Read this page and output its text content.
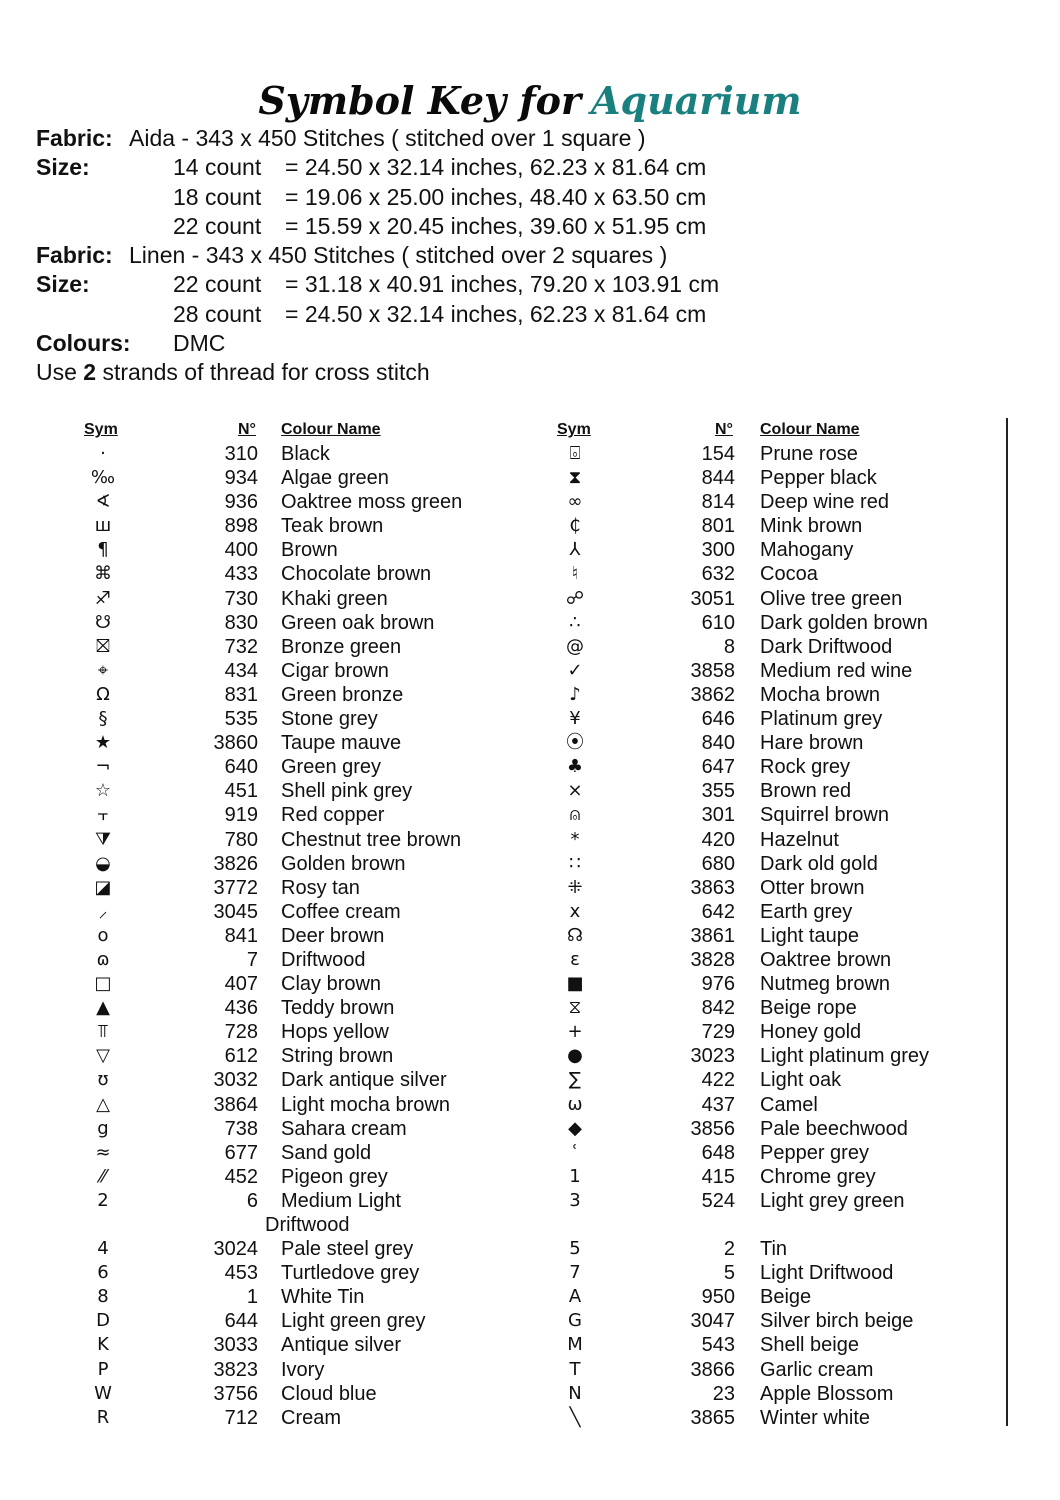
Symbol Key for Aquarium
Fabric: Aida - 343 x 450 Stitches ( stitched over 1 square )
Size:	14 count = 24.50 x 32.14 inches, 62.23 x 81.64 cm
18 count = 19.06 x 25.00 inches, 48.40 x 63.50 cm
22 count = 15.59 x 20.45 inches, 39.60 x 51.95 cm
Fabric: Linen - 343 x 450 Stitches ( stitched over 2 squares )
Size:	22 count = 31.18 x 40.91 inches, 79.20 x 103.91 cm
28 count = 24.50 x 32.14 inches, 62.23 x 81.64 cm
Colours: DMC
Use 2 strands of thread for cross stitch
Sym	N° Colour Name
·	310 Black
‰	934 Algae green
∢	936 Oaktree moss green
ш	898 Teak brown
¶	400 Brown
⌘	433 Chocolate brown
♐	730 Khaki green
☋	830 Green oak brown
⛝	732 Bronze green
⌖	434 Cigar brown
Ω	831 Green bronze
§	535 Stone grey
★	3860 Taupe mauve
¬	640 Green grey
☆	451 Shell pink grey
⫟	919 Red copper
⧩	780 Chestnut tree brown
◒	3826 Golden brown
◪	3772 Rosy tan
⸝	3045 Coffee cream
o	841 Deer brown
ɷ	7 Driftwood
□	407 Clay brown
▲	436 Teddy brown
⫪	728 Hops yellow
▽	612 String brown
ʊ	3032 Dark antique silver
△	3864 Light mocha brown
g	738 Sahara cream
≈	677 Sand gold
⁄⁄	452 Pigeon grey
2	6 Medium Light
Driftwood
4	3024 Pale steel grey
6	453 Turtledove grey
8	1 White Tin
D	644 Light green grey
K	3033 Antique silver
P	3823 Ivory
W	3756 Cloud blue
R	712 Cream
Sym	N° Colour Name
⌻	154 Prune rose
⧗	844 Pepper black
∞	814 Deep wine red
₵	801 Mink brown
⅄	300 Mahogany
♮	632 Cocoa
☍	3051 Olive tree green
∴	610 Dark golden brown
@	8 Dark Driftwood
✓	3858 Medium red wine
♪	3862 Mocha brown
¥	646 Platinum grey
⦿	840 Hare brown
♣	647 Rock grey
⨯	355 Brown red
⍝	301 Squirrel brown
*	420 Hazelnut
∷	680 Dark old gold
⁜	3863 Otter brown
x	642 Earth grey
☊	3861 Light taupe
ε	3828 Oaktree brown
■	976 Nutmeg brown
⧖	842 Beige rope
+	729 Honey gold
●	3023 Light platinum grey
∑	422 Light oak
ω	437 Camel
◆	3856 Pale beechwood
ʿ	648 Pepper grey
1	415 Chrome grey
3	524 Light grey green
5	2 Tin
7	5 Light Driftwood
A	950 Beige
G	3047 Silver birch beige
M	543 Shell beige
T	3866 Garlic cream
N	23 Apple Blossom
╲	3865 Winter white
